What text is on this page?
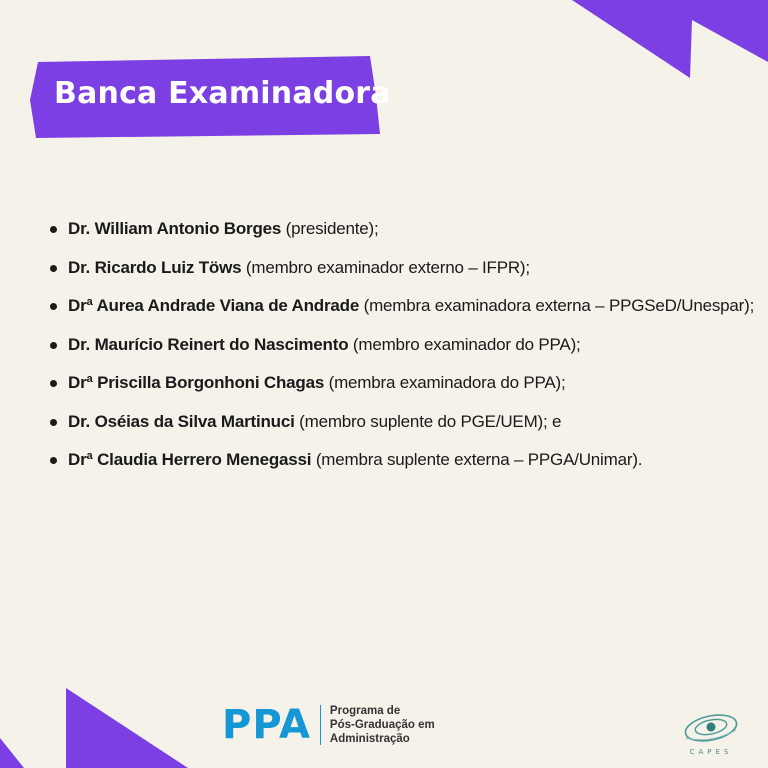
Banca Examinadora
Dr. William Antonio Borges (presidente);
Dr. Ricardo Luiz Töws (membro examinador externo – IFPR);
Drª Aurea Andrade Viana de Andrade (membra examinadora externa – PPGSeD/Unespar);
Dr. Maurício Reinert do Nascimento (membro examinador do PPA);
Drª Priscilla Borgonhoni Chagas (membra examinadora do PPA);
Dr. Oséias da Silva Martinuci (membro suplente do PGE/UEM); e
Drª Claudia Herrero Menegassi (membra suplente externa – PPGA/Unimar).
PPA Programa de
Pós-Graduação em
Administração
CAPES
